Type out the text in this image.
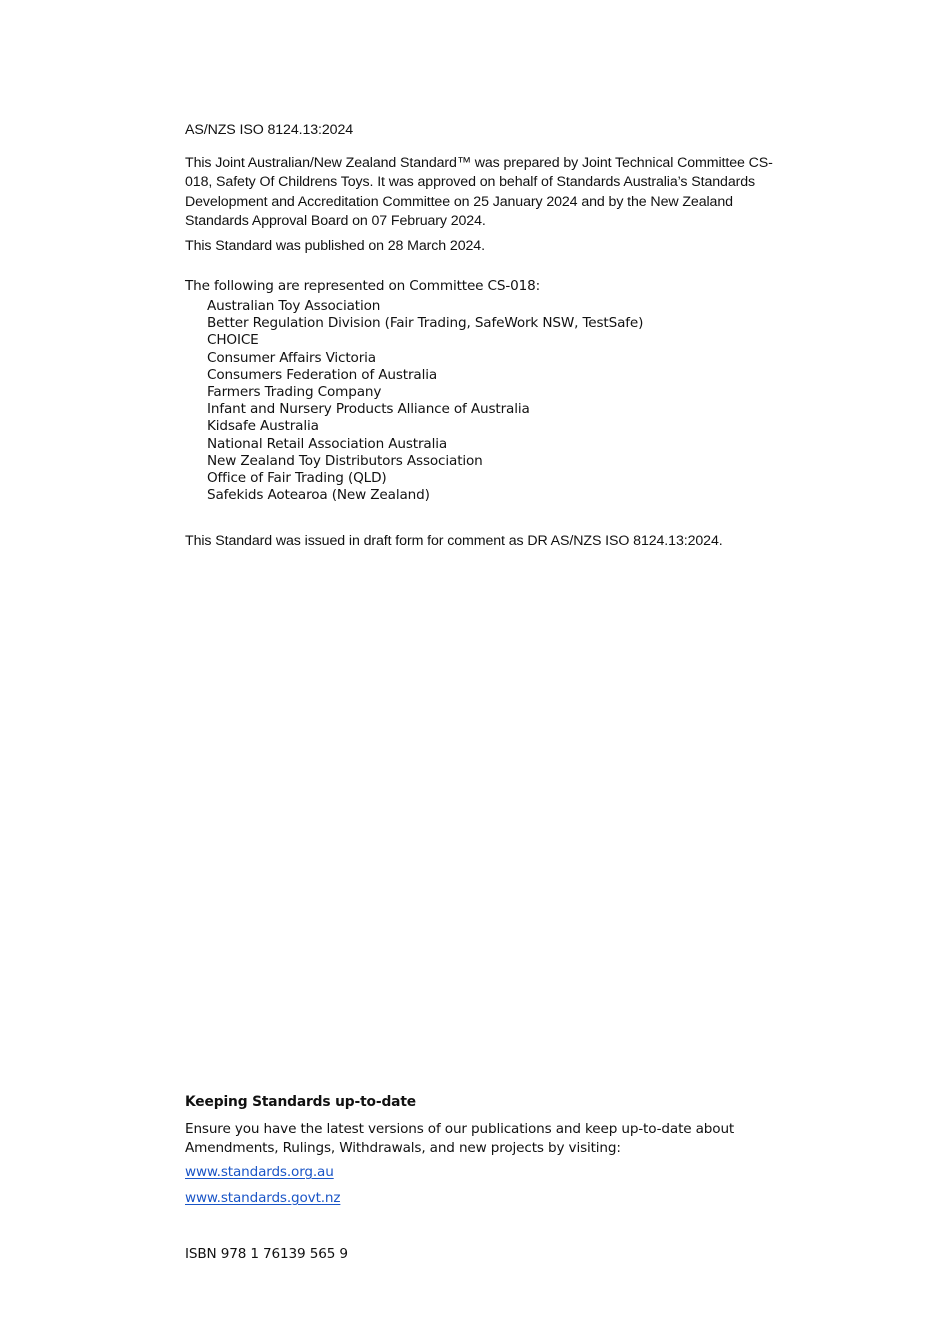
AS/NZS ISO 8124.13:2024
This Joint Australian/New Zealand Standard™ was prepared by Joint Technical Committee CS-018, Safety Of Childrens Toys. It was approved on behalf of Standards Australia’s Standards Development and Accreditation Committee on 25 January 2024 and by the New Zealand Standards Approval Board on 07 February 2024.
This Standard was published on 28 March 2024.
The following are represented on Committee CS-018:
Australian Toy Association
Better Regulation Division (Fair Trading, SafeWork NSW, TestSafe)
CHOICE
Consumer Affairs Victoria
Consumers Federation of Australia
Farmers Trading Company
Infant and Nursery Products Alliance of Australia
Kidsafe Australia
National Retail Association Australia
New Zealand Toy Distributors Association
Office of Fair Trading (QLD)
Safekids Aotearoa (New Zealand)
This Standard was issued in draft form for comment as DR AS/NZS ISO 8124.13:2024.
Keeping Standards up-to-date
Ensure you have the latest versions of our publications and keep up-to-date about Amendments, Rulings, Withdrawals, and new projects by visiting:
www.standards.org.au
www.standards.govt.nz
ISBN 978 1 76139 565 9
